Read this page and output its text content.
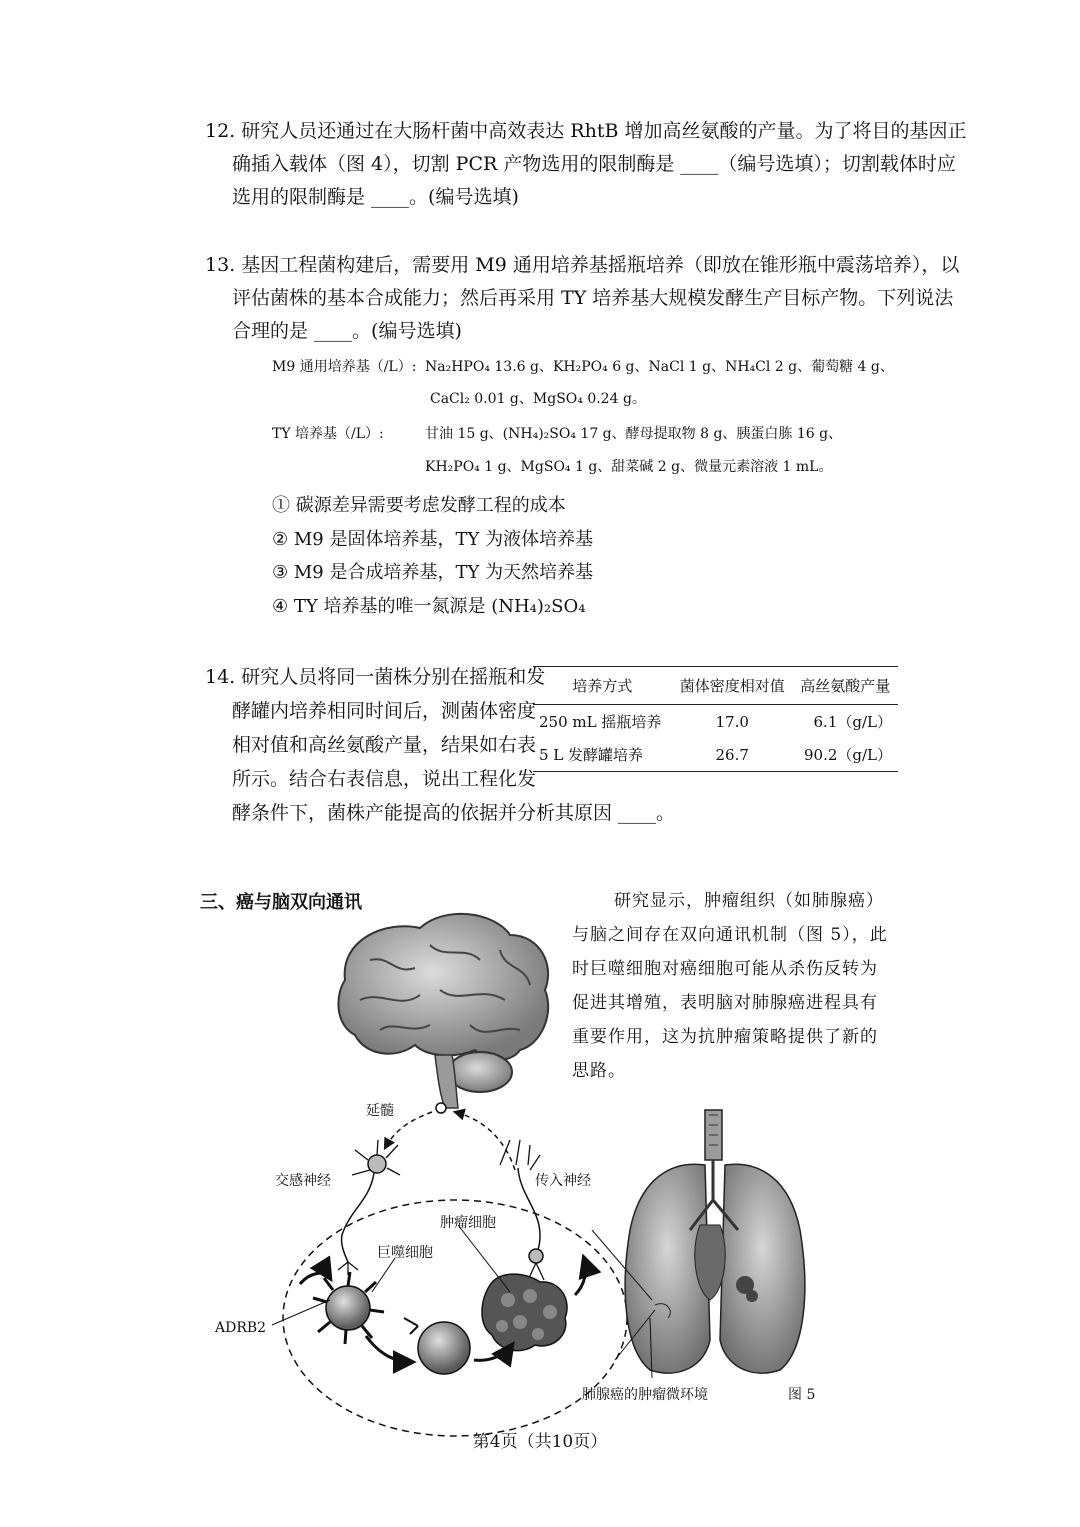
12. 研究人员还通过在大肠杆菌中高效表达 RhtB 增加高丝氨酸的产量。为了将目的基因正
确插入载体（图 4），切割 PCR 产物选用的限制酶是 ____（编号选填）；切割载体时应
选用的限制酶是 ____。(编号选填)
13. 基因工程菌构建后，需要用 M9 通用培养基摇瓶培养（即放在锥形瓶中震荡培养），以
评估菌株的基本合成能力；然后再采用 TY 培养基大规模发酵生产目标产物。下列说法
合理的是 ____。(编号选填)
M9 通用培养基（/L）: Na₂HPO₄ 13.6 g、KH₂PO₄ 6 g、NaCl 1 g、NH₄Cl 2 g、葡萄糖 4 g、
CaCl₂ 0.01 g、MgSO₄ 0.24 g。
TY 培养基（/L）:	甘油 15 g、(NH₄)₂SO₄ 17 g、酵母提取物 8 g、胰蛋白胨 16 g、
KH₂PO₄ 1 g、MgSO₄ 1 g、甜菜碱 2 g、微量元素溶液 1 mL。
① 碳源差异需要考虑发酵工程的成本
② M9 是固体培养基，TY 为液体培养基
③ M9 是合成培养基，TY 为天然培养基
④ TY 培养基的唯一氮源是 (NH₄)₂SO₄
14. 研究人员将同一菌株分别在摇瓶和发
酵罐内培养相同时间后，测菌体密度
相对值和高丝氨酸产量，结果如右表
所示。结合右表信息，说出工程化发
酵条件下，菌株产能提高的依据并分析其原因 ____。
培养方式	菌体密度相对值	高丝氨酸产量
250 mL 摇瓶培养	17.0	6.1（g/L）
5 L 发酵罐培养	26.7	90.2（g/L）
三、癌与脑双向通讯	研究显示，肿瘤组织（如肺腺癌）
与脑之间存在双向通讯机制（图 5），此
时巨噬细胞对癌细胞可能从杀伤反转为
促进其增殖，表明脑对肺腺癌进程具有
重要作用，这为抗肿瘤策略提供了新的
思路。
延髓
交感神经	传入神经
肿瘤细胞
巨噬细胞
ADRB2
肺腺癌的肿瘤微环境	图 5
第4页（共10页）
